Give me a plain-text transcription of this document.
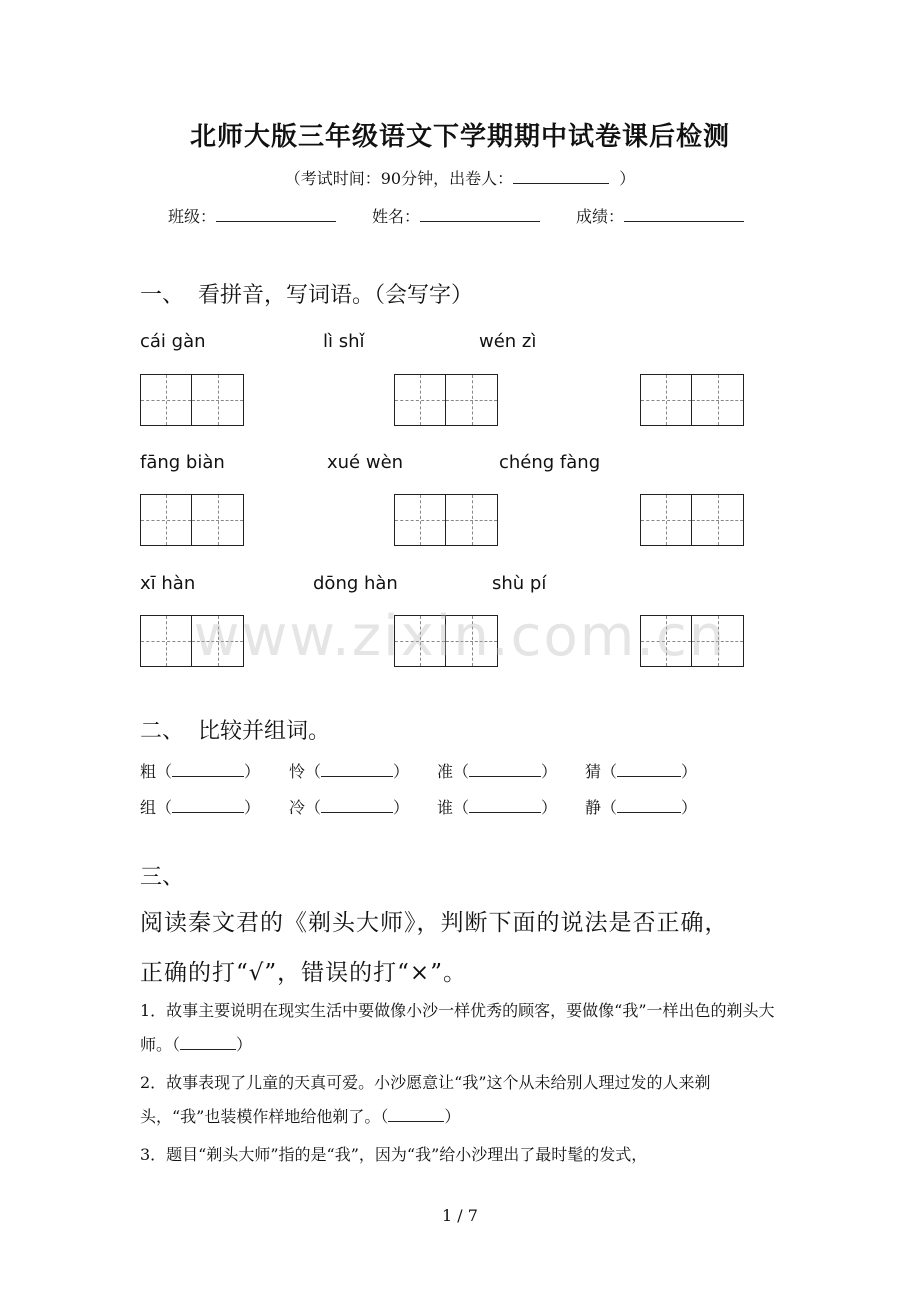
北师大版三年级语文下学期期中试卷课后检测
（考试时间：90分钟，出卷人：	）
班级：	姓名：	成绩：
一、 看拼音，写词语。（会写字）
cái gàn	lì shǐ	wén zì
fāng biàn	xué wèn	chéng fàng
xī hàn	dōng hàn	shù pí
www.zixin.com.cn
二、 比较并组词。
粗（	） 怜（	） 准（	） 猜（	）
组（	） 冷（	） 谁（	） 静（	）
三、
阅读秦文君的《剃头大师》，判断下面的说法是否正确，
正确的打“√”，错误的打“×”。
1．故事主要说明在现实生活中要做像小沙一样优秀的顾客，要做像“我”一样出色的剃头大师。（	）
2．故事表现了儿童的天真可爱。小沙愿意让“我”这个从未给别人理过发的人来剃头，“我”也装模作样地给他剃了。（	）
3．题目“剃头大师”指的是“我”，因为“我”给小沙理出了最时髦的发式，
1 / 7
